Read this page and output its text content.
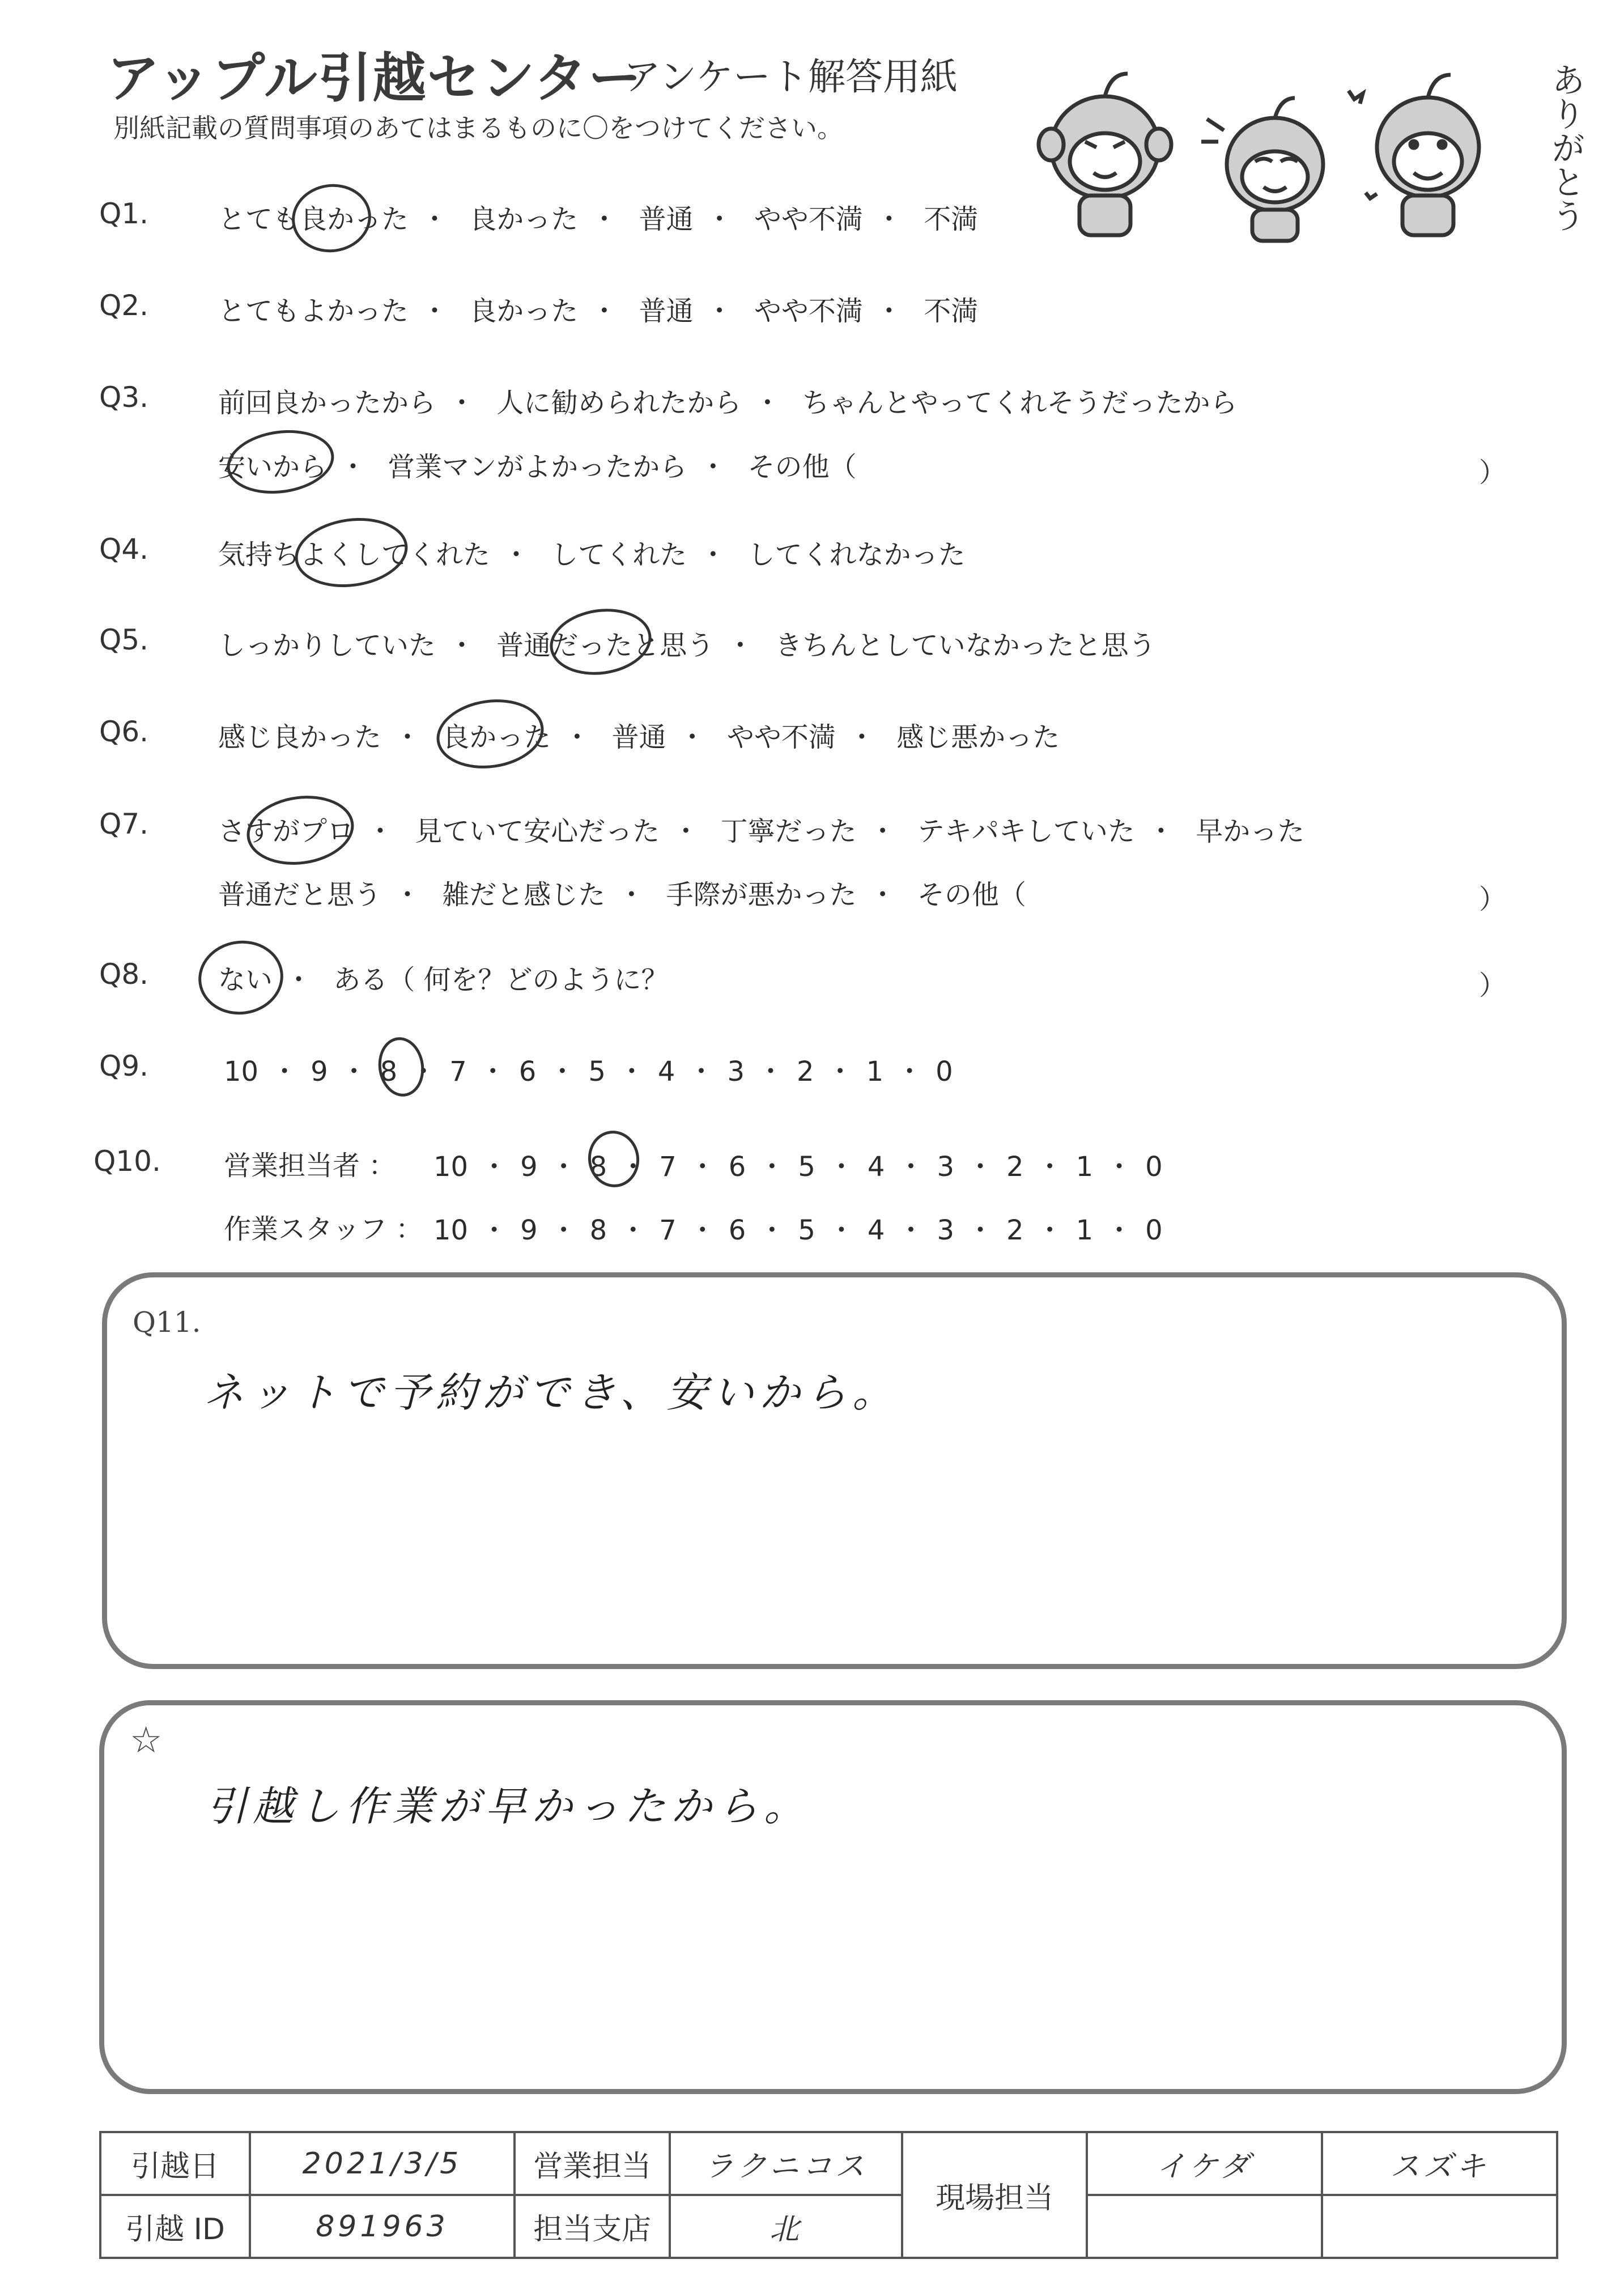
アップル引越センター
アンケート解答用紙
別紙記載の質問事項のあてはまるものに〇をつけてください。	ありがとう
Q1.	とても良かった ・ 良かった ・ 普通 ・ やや不満 ・ 不満
Q2.	とてもよかった ・ 良かった ・ 普通 ・ やや不満 ・ 不満
Q3.	前回良かったから ・ 人に勧められたから ・ ちゃんとやってくれそうだったから
安いから ・ 営業マンがよかったから ・ その他（	）
Q4.	気持ちよくしてくれた ・ してくれた ・ してくれなかった
Q5.	しっかりしていた ・ 普通だったと思う ・ きちんとしていなかったと思う
Q6.	感じ良かった ・ 良かった ・ 普通 ・ やや不満 ・ 感じ悪かった
Q7.	さすがプロ ・ 見ていて安心だった ・ 丁寧だった ・ テキパキしていた ・ 早かった
普通だと思う ・ 雑だと感じた ・ 手際が悪かった ・ その他（	）
Q8.	ない ・ ある（ 何を？どのように？	）
Q9.	10 ・ 9 ・ 8 ・ 7 ・ 6 ・ 5 ・ 4 ・ 3 ・ 2 ・ 1 ・ 0
Q10. 営業担当者 ： 10 ・ 9 ・ 8 ・ 7 ・ 6 ・ 5 ・ 4 ・ 3 ・ 2 ・ 1 ・ 0
作業スタッフ ： 10 ・ 9 ・ 8 ・ 7 ・ 6 ・ 5 ・ 4 ・ 3 ・ 2 ・ 1 ・ 0
Q11.
ネットで予約ができ、安いから。
☆
引越し作業が早かったから。
引越日	2021/3/5	営業担当	ラクニコス	現場担当	イケダ	スズキ
引越 ID	891963	担当支店	北			
